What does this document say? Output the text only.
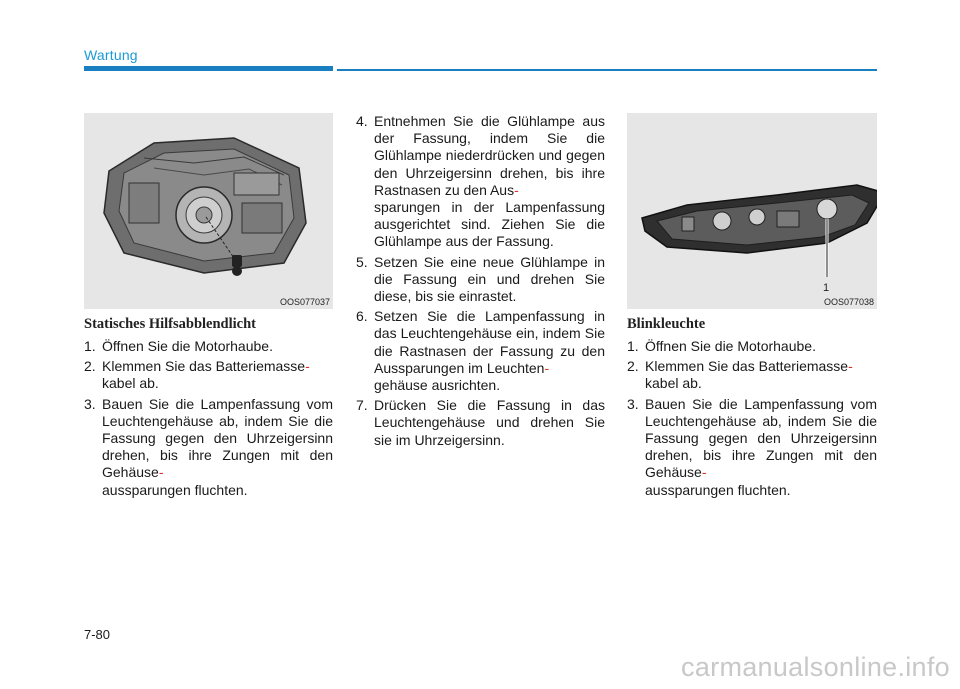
Wartung
OOS077037
1
OOS077038
Statisches Hilfsabblendlicht
1. Öffnen Sie die Motorhaube.
2. Klemmen Sie das Batteriemasse-
kabel ab.
3. Bauen Sie die Lampenfassung vom Leuchtengehäuse ab, indem Sie die Fassung gegen den Uhrzeigersinn drehen, bis ihre Zungen mit den Gehäuse-
aussparungen fluchten.
4. Entnehmen Sie die Glühlampe aus der Fassung, indem Sie die Glühlampe niederdrücken und gegen den Uhrzeigersinn drehen, bis ihre Rastnasen zu den Aus-
sparungen in der Lampenfassung ausgerichtet sind. Ziehen Sie die Glühlampe aus der Fassung.
5. Setzen Sie eine neue Glühlampe in die Fassung ein und drehen Sie diese, bis sie einrastet.
6. Setzen Sie die Lampenfassung in das Leuchtengehäuse ein, indem Sie die Rastnasen der Fassung zu den Aussparungen im Leuchten-
gehäuse ausrichten.
7. Drücken Sie die Fassung in das Leuchtengehäuse und drehen Sie sie im Uhrzeigersinn.
Blinkleuchte
1. Öffnen Sie die Motorhaube.
2. Klemmen Sie das Batteriemasse-
kabel ab.
3. Bauen Sie die Lampenfassung vom Leuchtengehäuse ab, indem Sie die Fassung gegen den Uhrzeigersinn drehen, bis ihre Zungen mit den Gehäuse-
aussparungen fluchten.
7-80
carmanualsonline.info
